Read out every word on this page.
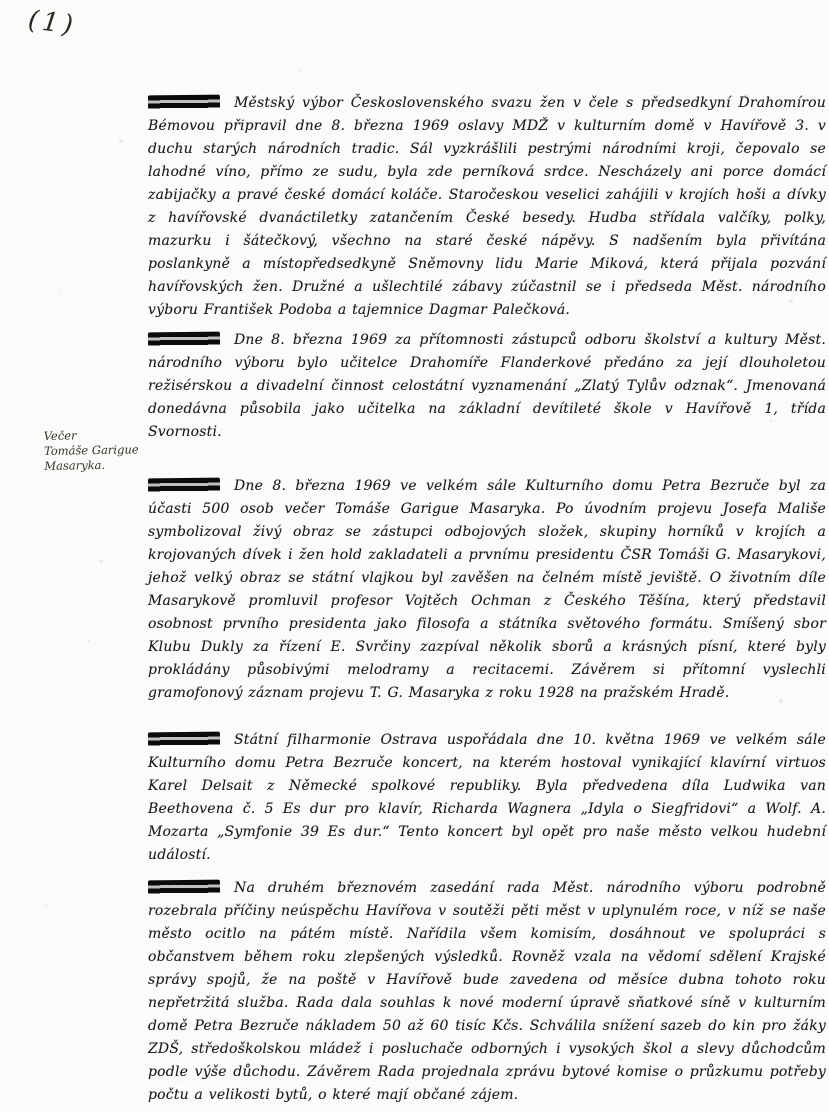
(1)
Večer
Tomáše Garigue
Masaryka.

Městský výbor Československého svazu žen v čele s předsedkyní Drahomírou Bémovou připravil dne 8. března 1969 oslavy MDŽ v kulturním domě v Havířově 3. v duchu starých národních tradic. Sál vyzkrášlili pestrými národními kroji, čepovalo se lahodné víno, přímo ze sudu, byla zde perníková srdce. Nescházely ani porce domácí zabijačky a pravé české domácí koláče. Staročeskou veselici zahájili v krojích hoši a dívky z havířovské dvanáctiletky zatančením České besedy. Hudba střídala valčíky, polky, mazurku i šátečkový, všechno na staré české nápěvy. S nadšením byla přivítána poslankyně a místopředsedkyně Sněmovny lidu Marie Miková, která přijala pozvání havířovských žen. Družné a ušlechtilé zábavy zúčastnil se i předseda Měst. národního výboru František Podoba a tajemnice Dagmar Palečková.

Dne 8. března 1969 za přítomnosti zástupců odboru školství a kultury Měst. národního výboru bylo učitelce Drahomíře Flanderkové předáno za její dlouholetou režisérskou a divadelní činnost celostátní vyznamenání „Zlatý Tylův odznak“. Jmenovaná donedávna působila jako učitelka na základní devítileté škole v Havířově 1, třída Svornosti.

Dne 8. března 1969 ve velkém sále Kulturního domu Petra Bezruče byl za účasti 500 osob večer Tomáše Garigue Masaryka. Po úvodním projevu Josefa Mališe symbolizoval živý obraz se zástupci odbojových složek, skupiny horníků v krojích a krojovaných dívek i žen hold zakladateli a prvnímu presidentu ČSR Tomáši G. Masarykovi, jehož velký obraz se státní vlajkou byl zavěšen na čelném místě jeviště. O životním díle Masarykově promluvil profesor Vojtěch Ochman z Českého Těšína, který představil osobnost prvního presidenta jako filosofa a státníka světového formátu. Smíšený sbor Klubu Dukly za řízení E. Svrčiny zazpíval několik sborů a krásných písní, které byly prokládány působivými melodramy a recitacemi. Závěrem si přítomní vyslechli gramofonový záznam projevu T. G. Masaryka z roku 1928 na pražském Hradě.

Státní filharmonie Ostrava uspořádala dne 10. května 1969 ve velkém sále Kulturního domu Petra Bezruče koncert, na kterém hostoval vynikající klavírní virtuos Karel Delsait z Německé spolkové republiky. Byla předvedena díla Ludwika van Beethovena č. 5 Es dur pro klavír, Richarda Wagnera „Idyla o Siegfridovi“ a Wolf. A. Mozarta „Symfonie 39 Es dur.“ Tento koncert byl opět pro naše město velkou hudební událostí.

Na druhém březnovém zasedání rada Měst. národního výboru podrobně rozebrala příčiny neúspěchu Havířova v soutěži pěti měst v uplynulém roce, v níž se naše město ocitlo na pátém místě. Nařídila všem komisím, dosáhnout ve spolupráci s občanstvem během roku zlepšených výsledků. Rovněž vzala na vědomí sdělení Krajské správy spojů, že na poště v Havířově bude zavedena od měsíce dubna tohoto roku nepřetržitá služba. Rada dala souhlas k nové moderní úpravě sňatkové síně v kulturním domě Petra Bezruče nákladem 50 až 60 tisíc Kčs. Schválila snížení sazeb do kin pro žáky ZDŠ, středoškolskou mládež i posluchače odborných i vysokých škol a slevy důchodcům podle výše důchodu. Závěrem Rada projednala zprávu bytové komise o průzkumu potřeby počtu a velikosti bytů, o které mají občané zájem.
